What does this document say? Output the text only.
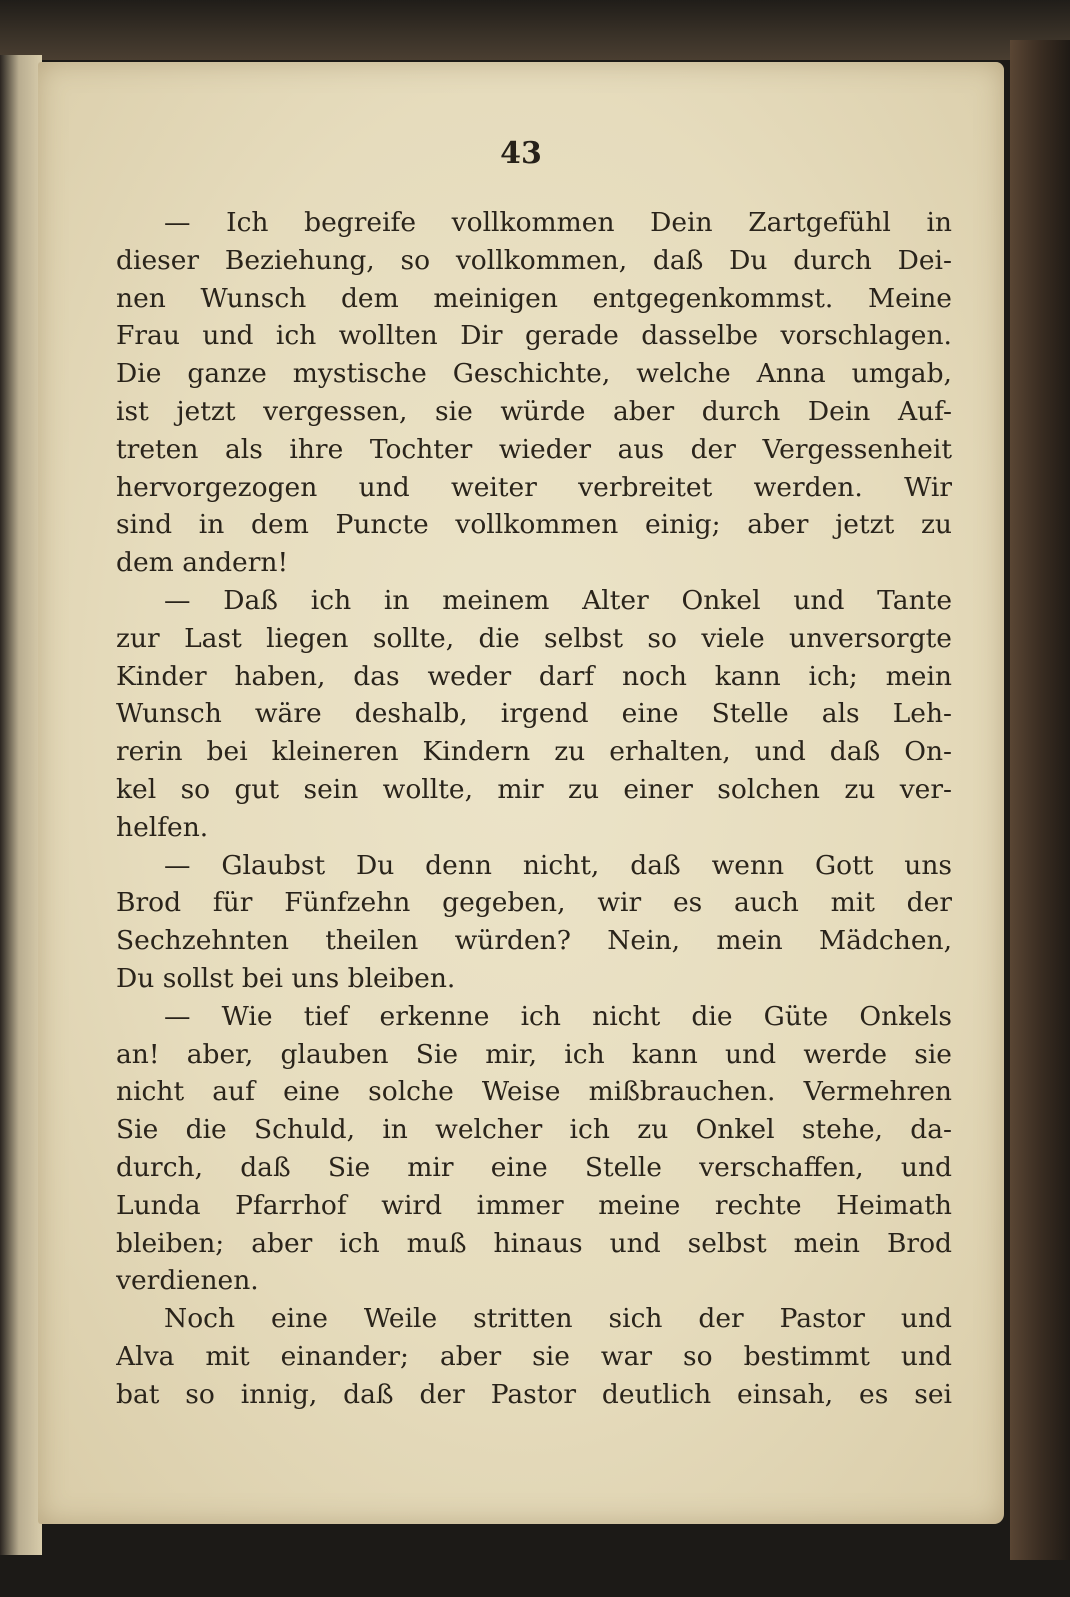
43
— Ich begreife vollkommen Dein Zartgefühl in
dieser Beziehung, so vollkommen, daß Du durch Dei-
nen Wunsch dem meinigen entgegenkommst. Meine
Frau und ich wollten Dir gerade dasselbe vorschlagen.
Die ganze mystische Geschichte, welche Anna umgab,
ist jetzt vergessen, sie würde aber durch Dein Auf-
treten als ihre Tochter wieder aus der Vergessenheit
hervorgezogen und weiter verbreitet werden. Wir
sind in dem Puncte vollkommen einig; aber jetzt zu
dem andern!
— Daß ich in meinem Alter Onkel und Tante
zur Last liegen sollte, die selbst so viele unversorgte
Kinder haben, das weder darf noch kann ich; mein
Wunsch wäre deshalb, irgend eine Stelle als Leh-
rerin bei kleineren Kindern zu erhalten, und daß On-
kel so gut sein wollte, mir zu einer solchen zu ver-
helfen.
— Glaubst Du denn nicht, daß wenn Gott uns
Brod für Fünfzehn gegeben, wir es auch mit der
Sechzehnten theilen würden? Nein, mein Mädchen,
Du sollst bei uns bleiben.
— Wie tief erkenne ich nicht die Güte Onkels
an! aber, glauben Sie mir, ich kann und werde sie
nicht auf eine solche Weise mißbrauchen. Vermehren
Sie die Schuld, in welcher ich zu Onkel stehe, da-
durch, daß Sie mir eine Stelle verschaffen, und
Lunda Pfarrhof wird immer meine rechte Heimath
bleiben; aber ich muß hinaus und selbst mein Brod
verdienen.
Noch eine Weile stritten sich der Pastor und
Alva mit einander; aber sie war so bestimmt und
bat so innig, daß der Pastor deutlich einsah, es sei
